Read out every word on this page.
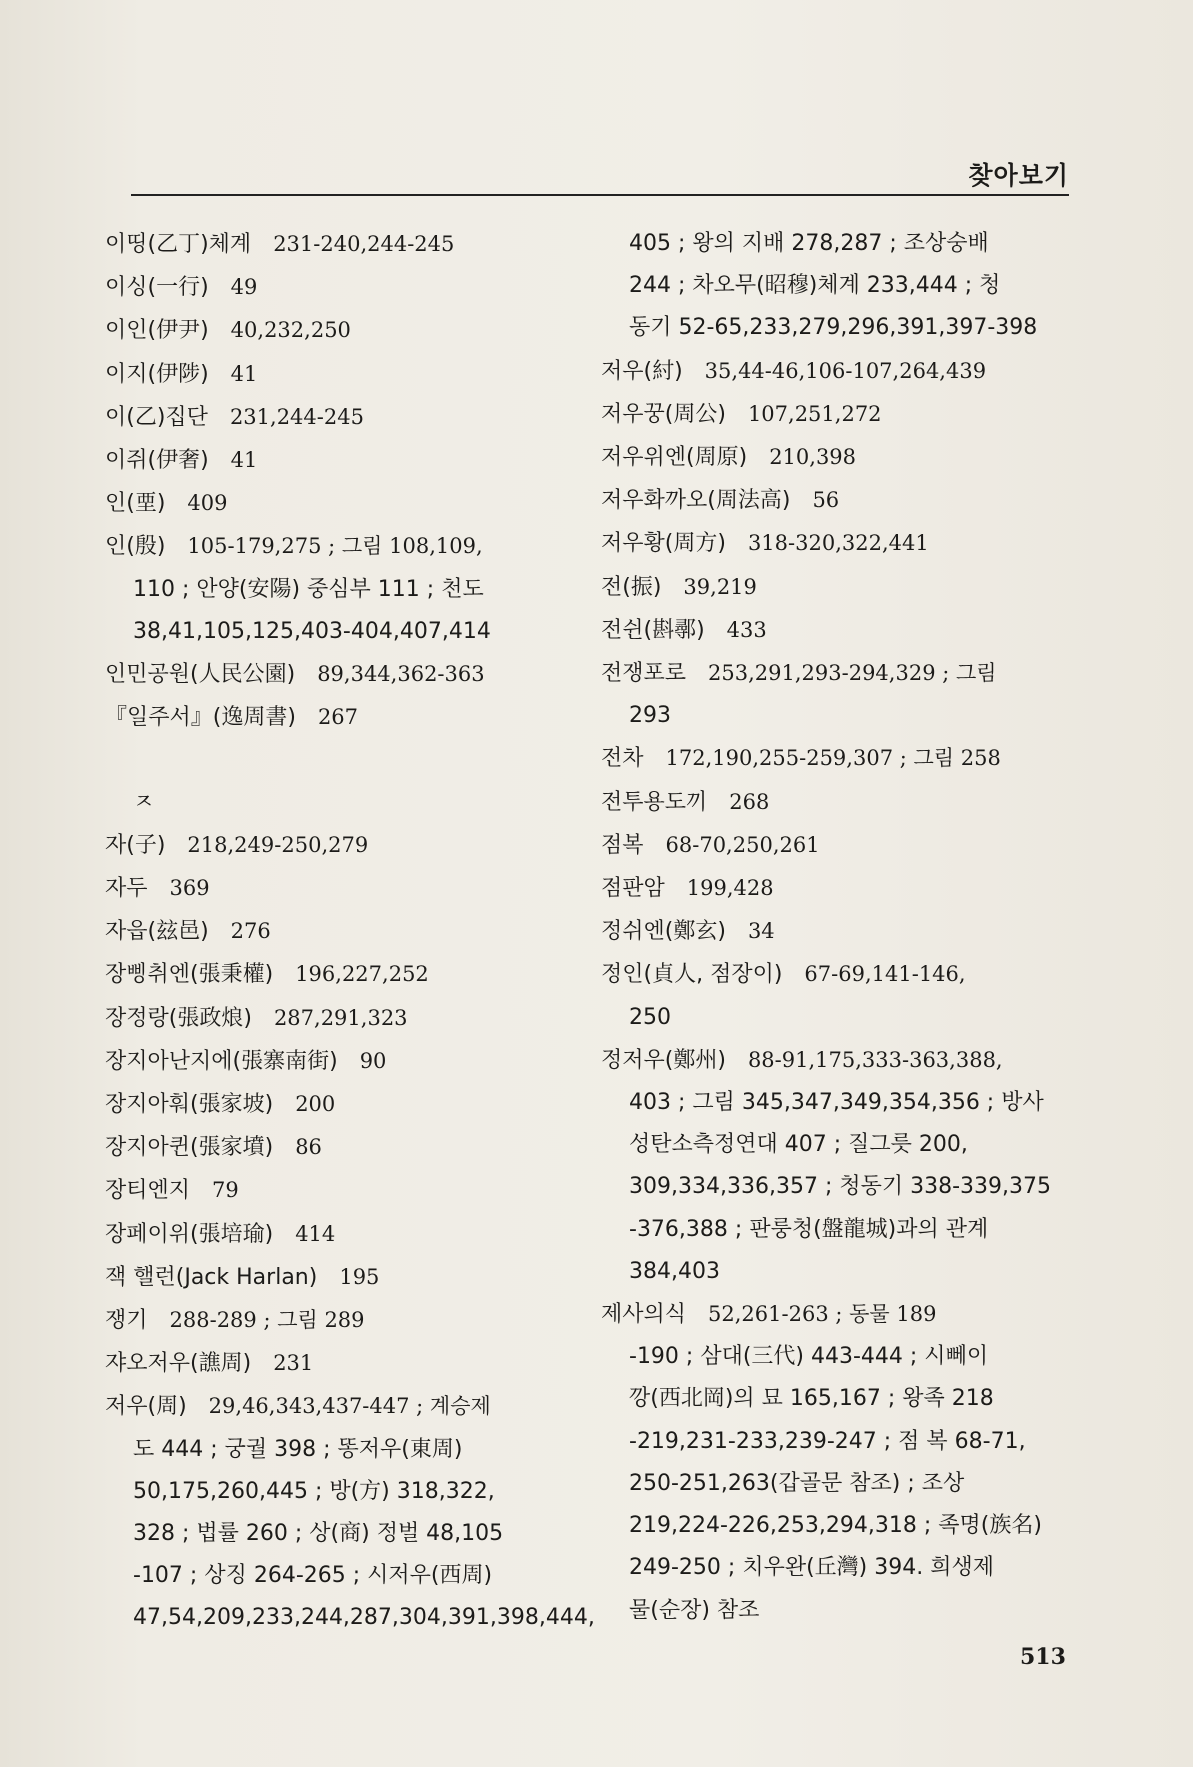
찾아보기
이띵(乙丁)체계 231-240,244-245
이싱(一行) 49
이인(伊尹) 40,232,250
이지(伊陟) 41
이(乙)집단 231,244-245
이쥐(伊奢) 41
인(垔) 409
인(殷) 105-179,275 ; 그림 108,109,
110 ; 안양(安陽) 중심부 111 ; 천도
38,41,105,125,403-404,407,414
인민공원(人民公園) 89,344,362-363
『일주서』(逸周書) 267
ㅈ
자(子) 218,249-250,279
자두 369
자읍(玆邑) 276
장삥취엔(張秉權) 196,227,252
장정랑(張政烺) 287,291,323
장지아난지에(張寨南街) 90
장지아훠(張家坡) 200
장지아퀸(張家墳) 86
장티엔지 79
장페이위(張培瑜) 414
잭 핼런(Jack Harlan) 195
쟁기 288-289 ; 그림 289
쟈오저우(譙周) 231
저우(周) 29,46,343,437-447 ; 계승제
도 444 ; 궁궐 398 ; 똥저우(東周)
50,175,260,445 ; 방(方) 318,322,
328 ; 법률 260 ; 상(商) 정벌 48,105
-107 ; 상징 264-265 ; 시저우(西周)
47,54,209,233,244,287,304,391,398,444,
405 ; 왕의 지배 278,287 ; 조상숭배
244 ; 차오무(昭穆)체계 233,444 ; 청
동기 52-65,233,279,296,391,397-398
저우(紂) 35,44-46,106-107,264,439
저우꿍(周公) 107,251,272
저우위엔(周原) 210,398
저우화까오(周法高) 56
저우황(周方) 318-320,322,441
전(振) 39,219
전쉰(斟鄩) 433
전쟁포로 253,291,293-294,329 ; 그림
293
전차 172,190,255-259,307 ; 그림 258
전투용도끼 268
점복 68-70,250,261
점판암 199,428
정쉬엔(鄭玄) 34
정인(貞人, 점장이) 67-69,141-146,
250
정저우(鄭州) 88-91,175,333-363,388,
403 ; 그림 345,347,349,354,356 ; 방사
성탄소측정연대 407 ; 질그릇 200,
309,334,336,357 ; 청동기 338-339,375
-376,388 ; 판룽청(盤龍城)과의 관계
384,403
제사의식 52,261-263 ; 동물 189
-190 ; 삼대(三代) 443-444 ; 시뻬이
깡(西北岡)의 묘 165,167 ; 왕족 218
-219,231-233,239-247 ; 점 복 68-71,
250-251,263(갑골문 참조) ; 조상
219,224-226,253,294,318 ; 족명(族名)
249-250 ; 치우완(丘灣) 394. 희생제
물(순장) 참조
513
